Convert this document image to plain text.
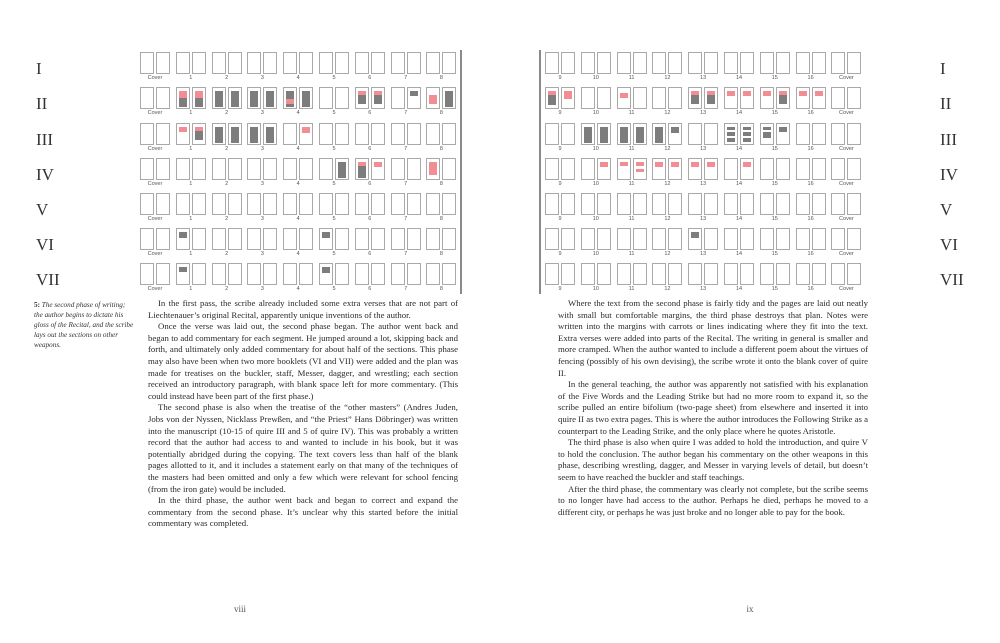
I
II
III
IV
V
VI
VII
Cover	1	2	3	4	5	6	7	8
Cover	1	2	3	4	5	6	7	8
Cover	1	2	3	4	5	6	7	8
Cover	1	2	3	4	5	6	7	8
Cover	1	2	3	4	5	6	7	8
Cover	1	2	3	4	5	6	7	8
Cover	1	2	3	4	5	6	7	8
5: The second phase of writing; the author begins to dictate his gloss of the Recital, and the scribe lays out the sections on other weapons.

In the first pass, the scribe already included some extra verses that are not part of Liechtenauer’s original Recital, apparently unique inventions of the author.

Once the verse was laid out, the second phase began. The author went back and began to add commentary for each segment. He jumped around a lot, skipping back and forth, and ultimately only added commentary for about half of the sections. This phase may also have been when two more booklets (VI and VII) were added and the plan was made for treatises on the buckler, staff, Messer, dagger, and wrestling; each section received an introductory paragraph, with blank space left for more commentary. (This could instead have been part of the first phase.)

The second phase is also when the treatise of the “other masters” (Andres Juden, Jobs von der Nyssen, Nicklass Prewßen, and “the Priest” Hans Döbringer) was written into the manuscript (10-15 of quire III and 5 of quire IV). This was probably a written record that the author had access to and wanted to include in his book, but it was potentially abridged during the copying. The text covers less than half of the blank pages allotted to it, and it includes a statement early on that many of the techniques of the masters had been omitted and only a few which were relevant for school fencing (from the iron gate) would be included.

In the third phase, the author went back and began to correct and expand the commentary from the second phase. It’s unclear why this started before the initial commentary was completed.

viii
9	10	11	12	13	14	15	16	Cover
9	10	11	12	13	14	15	16	Cover
9	10	11	12	13	14	15	16	Cover
9	10	11	12	13	14	15	16	Cover
9	10	11	12	13	14	15	16	Cover
9	10	11	12	13	14	15	16	Cover
9	10	11	12	13	14	15	16	Cover
I
II
III
IV
V
VI
VII

Where the text from the second phase is fairly tidy and the pages are laid out neatly with small but comfortable margins, the third phase destroys that plan. Notes were written into the margins with carrots or lines indicating where they fit into the text. Extra verses were added into parts of the Recital. The writing in general is smaller and more cramped. When the author wanted to include a different poem about the virtues of fencing (possibly of his own devising), the scribe wrote it onto the blank cover of quire II.

In the general teaching, the author was apparently not satisfied with his explanation of the Five Words and the Leading Strike but had no more room to expand it, so the scribe pulled an entire bifolium (two-page sheet) from elsewhere and inserted it into quire II as two extra pages. This is where the author introduces the Following Strike as a counterpart to the Leading Strike, and the only place where he quotes Aristotle.

The third phase is also when quire I was added to hold the introduction, and quire V to hold the conclusion. The author began his commentary on the other weapons in this phase, describing wrestling, dagger, and Messer in varying levels of detail, but doesn’t seem to have reached the buckler and staff teachings.

After the third phase, the commentary was clearly not complete, but the scribe seems to no longer have had access to the author. Perhaps he died, perhaps he moved to a different city, or perhaps he was just broke and no longer able to pay for the book.

ix
